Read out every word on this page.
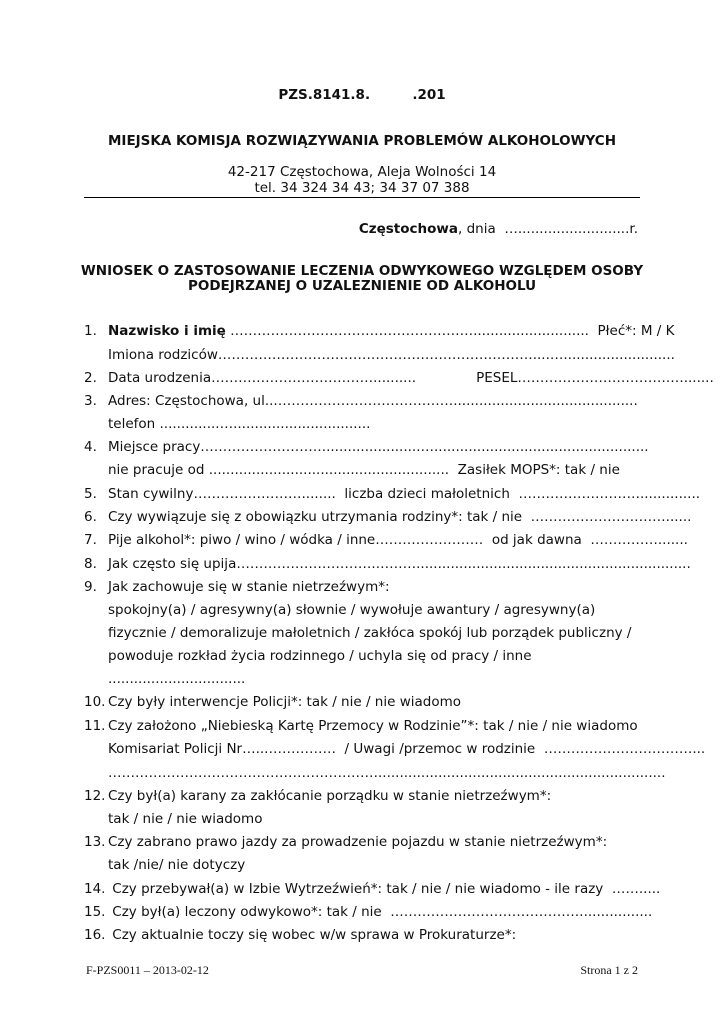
PZS.8141.8.         .201
MIEJSKA KOMISJA ROZWIĄZYWANIA PROBLEMÓW ALKOHOLOWYCH
42-217 Częstochowa, Aleja Wolności 14
tel. 34 324 34 43; 34 37 07 388
Częstochowa, dnia  …..........................r.
WNIOSEK O ZASTOSOWANIE LECZENIA ODWYKOWEGO WZGLĘDEM OSOBY
PODEJRZANEJ O UZALEZNIENIE OD ALKOHOLU
1. Nazwisko i imię ………………………………………………...........................  Płeć*: M / K
Imiona rodziców…………………………………………………….………....…..........................
2. Data urodzenia………………………………..........              PESEL…………………………….….......
3. Adres: Częstochowa, ul...…………………………………...........................................
telefon ..............…................................
4. Miejsce pracy……………………….......................…..................................................
nie pracuje od ........................................................  Zasiłek MOPS*: tak / nie
5. Stan cywilny……………………........  liczba dzieci małoletnich  ………………………..............
6. Czy wywiązuje się z obowiązku utrzymania rodziny*: tak / nie  …………………………......
7. Pije alkohol*: piwo / wino / wódka / inne……………………  od jak dawna  …………….......
8. Jak często się upija………………………….………................................................................
9. Jak zachowuje się w stanie nietrzeźwym*:
spokojny(a) / agresywny(a) słownie / wywołuje awantury / agresywny(a)
fizycznie / demoralizuje małoletnich / zakłóca spokój lub porządek publiczny /
powoduje rozkład życia rodzinnego / uchyla się od pracy / inne
................................
10. Czy były interwencje Policji*: tak / nie / nie wiadomo
11. Czy założono „Niebieską Kartę Przemocy w Rodzinie”*: tak / nie / nie wiadomo
Komisariat Policji Nr…...……………  / Uwagi /przemoc w rodzinie  ……………………………...
……………………………………………………...................................................................
12. Czy był(a) karany za zakłócanie porządku w stanie nietrzeźwym*:
tak / nie / nie wiadomo
13. Czy zabrano prawo jazdy za prowadzenie pojazdu w stanie nietrzeźwym*:
tak /nie/ nie dotyczy
14. Czy przebywał(a) w Izbie Wytrzeźwień*: tak / nie / nie wiadomo - ile razy  …….....
15. Czy był(a) leczony odwykowo*: tak / nie  …………………………………….................
16. Czy aktualnie toczy się wobec w/w sprawa w Prokuraturze*:
F-PZS0011 – 2013-02-12	Strona 1 z 2
